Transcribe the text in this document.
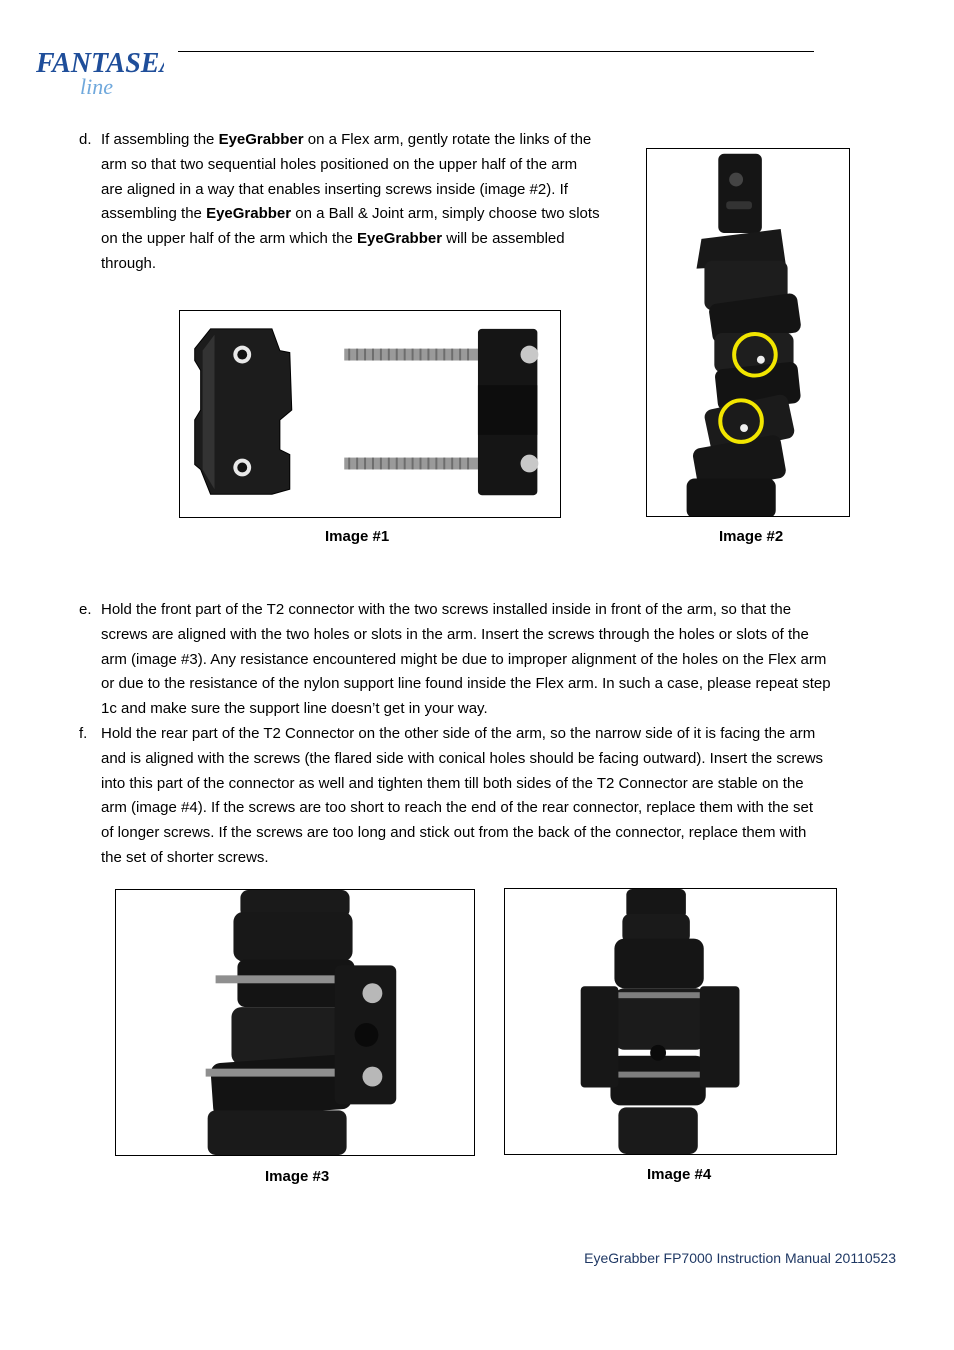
FANTASEA
line
d. If assembling the EyeGrabber on a Flex arm, gently rotate the links of the
arm so that two sequential holes positioned on the upper half of the arm
are aligned in a way that enables inserting screws inside (image #2). If
assembling the EyeGrabber on a Ball & Joint arm, simply choose two slots
on the upper half of the arm which the EyeGrabber will be assembled
through.
Image #1	Image #2
e. Hold the front part of the T2 connector with the two screws installed inside in front of the arm, so that the
screws are aligned with the two holes or slots in the arm. Insert the screws through the holes or slots of the
arm (image #3). Any resistance encountered might be due to improper alignment of the holes on the Flex arm
or due to the resistance of the nylon support line found inside the Flex arm. In such a case, please repeat step
1c and make sure the support line doesn’t get in your way.
f. Hold the rear part of the T2 Connector on the other side of the arm, so the narrow side of it is facing the arm
and is aligned with the screws (the flared side with conical holes should be facing outward). Insert the screws
into this part of the connector as well and tighten them till both sides of the T2 Connector are stable on the
arm (image #4). If the screws are too short to reach the end of the rear connector, replace them with the set
of longer screws. If the screws are too long and stick out from the back of the connector, replace them with
the set of shorter screws.
Image #3	Image #4
EyeGrabber FP7000 Instruction Manual 20110523
